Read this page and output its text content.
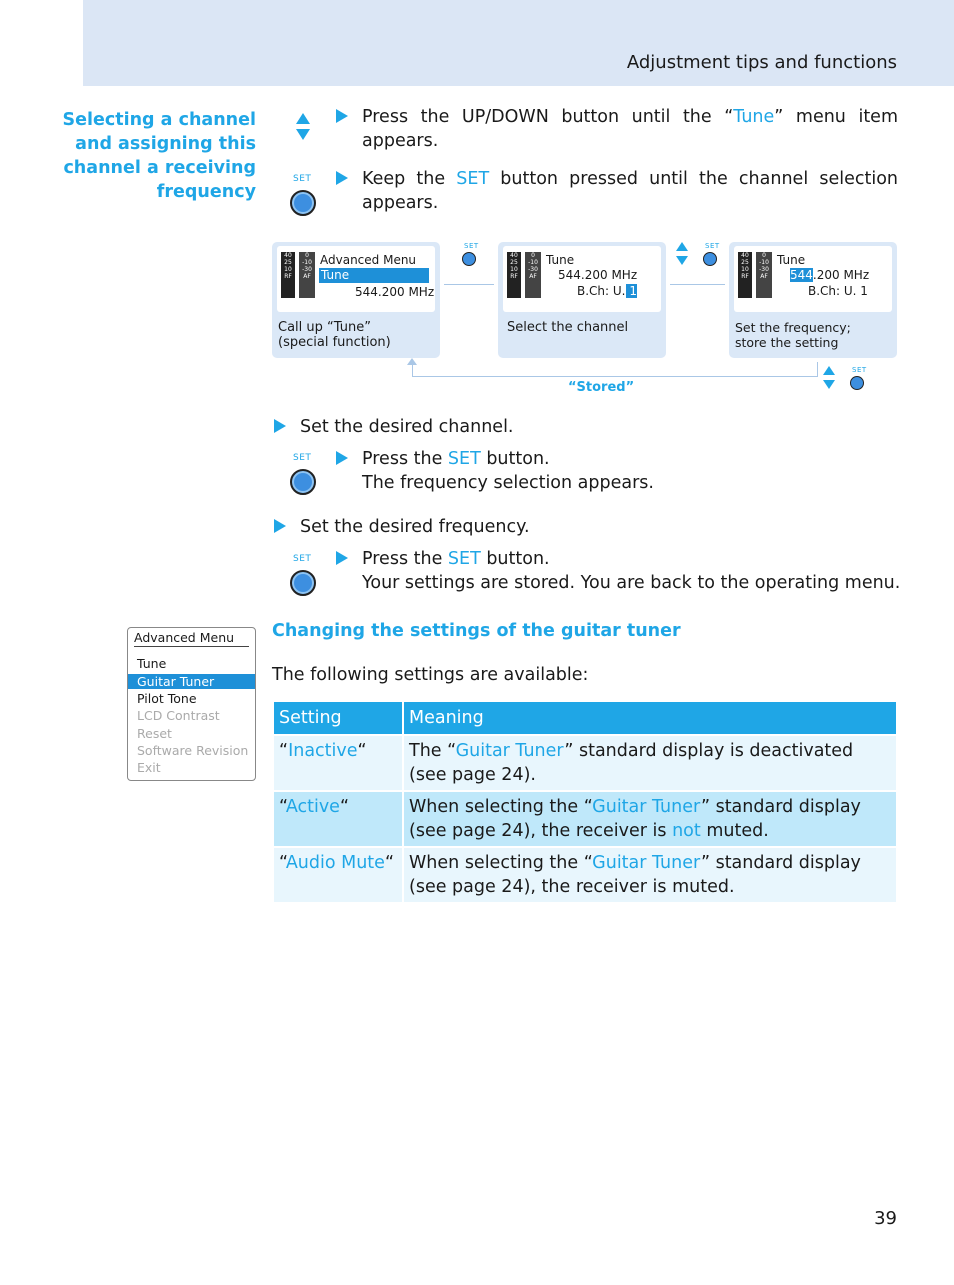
Adjustment tips and functions
Selecting a channel and assigning this channel a receiving frequency
Press the UP/DOWN button until the “Tune” menu item appears.
SET	Keep the SET button pressed until the channel selection appears.
40
25
10
RF
0
-10
-30
AF
Advanced Menu
Tune
544.200 MHz
Call up “Tune”
(special function)
SET
40
25
10
RF
0
-10
-30
AF
Tune
544.200 MHz
B.Ch: U. 1
Select the channel
SET
40
25
10
RF
0
-10
-30
AF
Tune
544.200 MHz
B.Ch: U. 1
Set the frequency;
store the setting
“Stored”
SET
Set the desired channel.
SET	Press the SET button.
The frequency selection appears.
Set the desired frequency.
SET	Press the SET button.
Your settings are stored. You are back to the operating menu.
Advanced Menu
Tune
Guitar Tuner
Pilot Tone
LCD Contrast
Reset
Software Revision
Exit
Changing the settings of the guitar tuner
The following settings are available:
Setting	Meaning
“Inactive“	The “Guitar Tuner” standard display is deactivated
(see page 24).

“Active“	When selecting the “Guitar Tuner” standard display
(see page 24), the receiver is not muted.

“Audio Mute“	When selecting the “Guitar Tuner” standard display
(see page 24), the receiver is muted.
39
